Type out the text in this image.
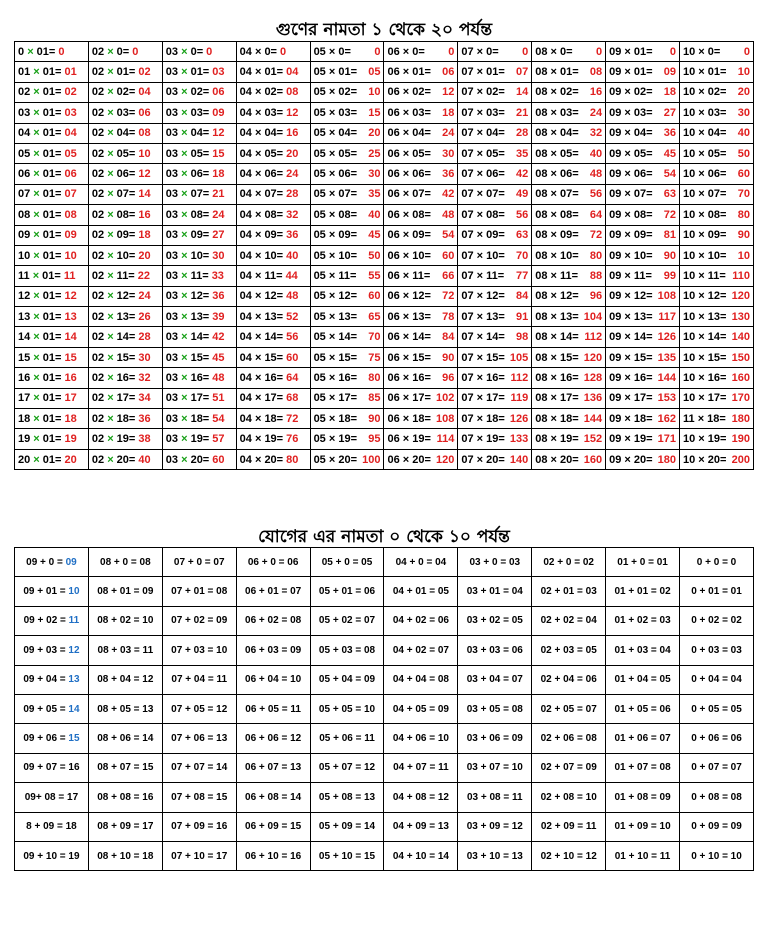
গুণের নামতা ১ থেকে ২০ পর্যন্ত
0 × 01= 0	02 × 0= 0	03 × 0= 0	04 × 0= 0	05 × 0= 0	06 × 0= 0	07 × 0= 0	08 × 0= 0	09 × 01= 0	10 × 0= 0

01 × 01= 01	02 × 01= 02	03 × 01= 03	04 × 01= 04	05 × 01= 05	06 × 01= 06	07 × 01= 07	08 × 01= 08	09 × 01= 09	10 × 01= 10

02 × 01= 02	02 × 02= 04	03 × 02= 06	04 × 02= 08	05 × 02= 10	06 × 02= 12	07 × 02= 14	08 × 02= 16	09 × 02= 18	10 × 02= 20

03 × 01= 03	02 × 03= 06	03 × 03= 09	04 × 03= 12	05 × 03= 15	06 × 03= 18	07 × 03= 21	08 × 03= 24	09 × 03= 27	10 × 03= 30

04 × 01= 04	02 × 04= 08	03 × 04= 12	04 × 04= 16	05 × 04= 20	06 × 04= 24	07 × 04= 28	08 × 04= 32	09 × 04= 36	10 × 04= 40

05 × 01= 05	02 × 05= 10	03 × 05= 15	04 × 05= 20	05 × 05= 25	06 × 05= 30	07 × 05= 35	08 × 05= 40	09 × 05= 45	10 × 05= 50

06 × 01= 06	02 × 06= 12	03 × 06= 18	04 × 06= 24	05 × 06= 30	06 × 06= 36	07 × 06= 42	08 × 06= 48	09 × 06= 54	10 × 06= 60

07 × 01= 07	02 × 07= 14	03 × 07= 21	04 × 07= 28	05 × 07= 35	06 × 07= 42	07 × 07= 49	08 × 07= 56	09 × 07= 63	10 × 07= 70

08 × 01= 08	02 × 08= 16	03 × 08= 24	04 × 08= 32	05 × 08= 40	06 × 08= 48	07 × 08= 56	08 × 08= 64	09 × 08= 72	10 × 08= 80

09 × 01= 09	02 × 09= 18	03 × 09= 27	04 × 09= 36	05 × 09= 45	06 × 09= 54	07 × 09= 63	08 × 09= 72	09 × 09= 81	10 × 09= 90

10 × 01= 10	02 × 10= 20	03 × 10= 30	04 × 10= 40	05 × 10= 50	06 × 10= 60	07 × 10= 70	08 × 10= 80	09 × 10= 90	10 × 10= 10

11 × 01= 11	02 × 11= 22	03 × 11= 33	04 × 11= 44	05 × 11= 55	06 × 11= 66	07 × 11= 77	08 × 11= 88	09 × 11= 99	10 × 11= 110

12 × 01= 12	02 × 12= 24	03 × 12= 36	04 × 12= 48	05 × 12= 60	06 × 12= 72	07 × 12= 84	08 × 12= 96	09 × 12= 108	10 × 12= 120

13 × 01= 13	02 × 13= 26	03 × 13= 39	04 × 13= 52	05 × 13= 65	06 × 13= 78	07 × 13= 91	08 × 13= 104	09 × 13= 117	10 × 13= 130

14 × 01= 14	02 × 14= 28	03 × 14= 42	04 × 14= 56	05 × 14= 70	06 × 14= 84	07 × 14= 98	08 × 14= 112	09 × 14= 126	10 × 14= 140

15 × 01= 15	02 × 15= 30	03 × 15= 45	04 × 15= 60	05 × 15= 75	06 × 15= 90	07 × 15= 105	08 × 15= 120	09 × 15= 135	10 × 15= 150

16 × 01= 16	02 × 16= 32	03 × 16= 48	04 × 16= 64	05 × 16= 80	06 × 16= 96	07 × 16= 112	08 × 16= 128	09 × 16= 144	10 × 16= 160

17 × 01= 17	02 × 17= 34	03 × 17= 51	04 × 17= 68	05 × 17= 85	06 × 17= 102	07 × 17= 119	08 × 17= 136	09 × 17= 153	10 × 17= 170

18 × 01= 18	02 × 18= 36	03 × 18= 54	04 × 18= 72	05 × 18= 90	06 × 18= 108	07 × 18= 126	08 × 18= 144	09 × 18= 162	11 × 18= 180

19 × 01= 19	02 × 19= 38	03 × 19= 57	04 × 19= 76	05 × 19= 95	06 × 19= 114	07 × 19= 133	08 × 19= 152	09 × 19= 171	10 × 19= 190

20 × 01= 20	02 × 20= 40	03 × 20= 60	04 × 20= 80	05 × 20= 100	06 × 20= 120	07 × 20= 140	08 × 20= 160	09 × 20= 180	10 × 20= 200
যোগের এর নামতা ০ থেকে ১০ পর্যন্ত
09 + 0 = 09	08 + 0 = 08	07 + 0 = 07	06 + 0 = 06	05 + 0 = 05	04 + 0 = 04	03 + 0 = 03	02 + 0 = 02	01 + 0 = 01	0 + 0 = 0
09 + 01 = 10	08 + 01 = 09	07 + 01 = 08	06 + 01 = 07	05 + 01 = 06	04 + 01 = 05	03 + 01 = 04	02 + 01 = 03	01 + 01 = 02	0 + 01 = 01
09 + 02 = 11	08 + 02 = 10	07 + 02 = 09	06 + 02 = 08	05 + 02 = 07	04 + 02 = 06	03 + 02 = 05	02 + 02 = 04	01 + 02 = 03	0 + 02 = 02
09 + 03 = 12	08 + 03 = 11	07 + 03 = 10	06 + 03 = 09	05 + 03 = 08	04 + 02 = 07	03 + 03 = 06	02 + 03 = 05	01 + 03 = 04	0 + 03 = 03
09 + 04 = 13	08 + 04 = 12	07 + 04 = 11	06 + 04 = 10	05 + 04 = 09	04 + 04 = 08	03 + 04 = 07	02 + 04 = 06	01 + 04 = 05	0 + 04 = 04
09 + 05 = 14	08 + 05 = 13	07 + 05 = 12	06 + 05 = 11	05 + 05 = 10	04 + 05 = 09	03 + 05 = 08	02 + 05 = 07	01 + 05 = 06	0 + 05 = 05
09 + 06 = 15	08 + 06 = 14	07 + 06 = 13	06 + 06 = 12	05 + 06 = 11	04 + 06 = 10	03 + 06 = 09	02 + 06 = 08	01 + 06 = 07	0 + 06 = 06
09 + 07 = 16	08 + 07 = 15	07 + 07 = 14	06 + 07 = 13	05 + 07 = 12	04 + 07 = 11	03 + 07 = 10	02 + 07 = 09	01 + 07 = 08	0 + 07 = 07
09+ 08 = 17	08 + 08 = 16	07 + 08 = 15	06 + 08 = 14	05 + 08 = 13	04 + 08 = 12	03 + 08 = 11	02 + 08 = 10	01 + 08 = 09	0 + 08 = 08
8 + 09 = 18	08 + 09 = 17	07 + 09 = 16	06 + 09 = 15	05 + 09 = 14	04 + 09 = 13	03 + 09 = 12	02 + 09 = 11	01 + 09 = 10	0 + 09 = 09
09 + 10 = 19	08 + 10 = 18	07 + 10 = 17	06 + 10 = 16	05 + 10 = 15	04 + 10 = 14	03 + 10 = 13	02 + 10 = 12	01 + 10 = 11	0 + 10 = 10
